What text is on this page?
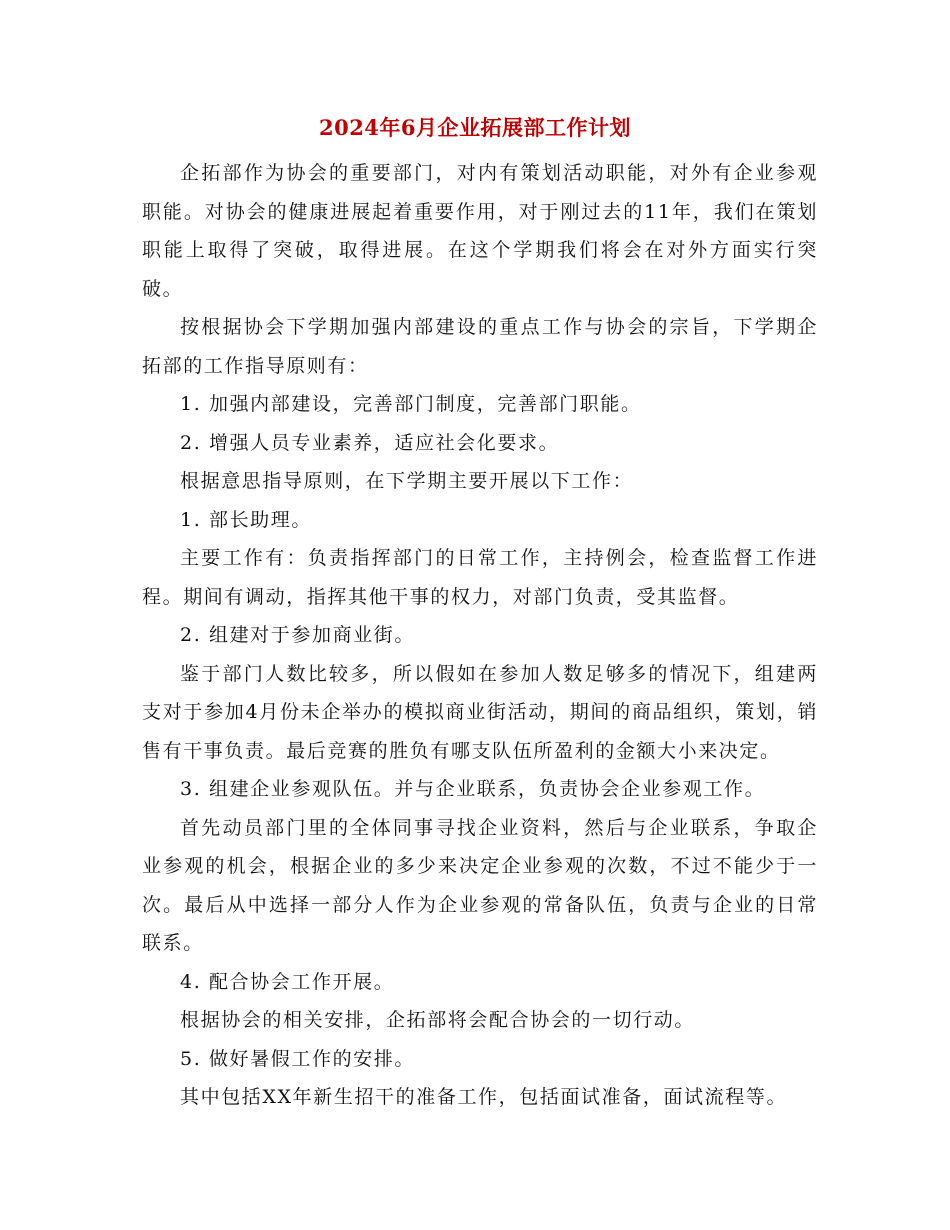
2024年6月企业拓展部工作计划

企拓部作为协会的重要部门，对内有策划活动职能，对外有企业参观职能。对协会的健康进展起着重要作用，对于刚过去的11年，我们在策划职能上取得了突破，取得进展。在这个学期我们将会在对外方面实行突破。

按根据协会下学期加强内部建设的重点工作与协会的宗旨，下学期企拓部的工作指导原则有：

1. 加强内部建设，完善部门制度，完善部门职能。

2. 增强人员专业素养，适应社会化要求。

根据意思指导原则，在下学期主要开展以下工作：

1. 部长助理。

主要工作有：负责指挥部门的日常工作，主持例会，检查监督工作进程。期间有调动，指挥其他干事的权力，对部门负责，受其监督。

2. 组建对于参加商业街。

鉴于部门人数比较多，所以假如在参加人数足够多的情况下，组建两支对于参加4月份未企举办的模拟商业街活动，期间的商品组织，策划，销售有干事负责。最后竞赛的胜负有哪支队伍所盈利的金额大小来决定。

3. 组建企业参观队伍。并与企业联系，负责协会企业参观工作。

首先动员部门里的全体同事寻找企业资料，然后与企业联系，争取企业参观的机会，根据企业的多少来决定企业参观的次数，不过不能少于一次。最后从中选择一部分人作为企业参观的常备队伍，负责与企业的日常联系。

4. 配合协会工作开展。

根据协会的相关安排，企拓部将会配合协会的一切行动。

5. 做好暑假工作的安排。

其中包括XX年新生招干的准备工作，包括面试准备，面试流程等。
